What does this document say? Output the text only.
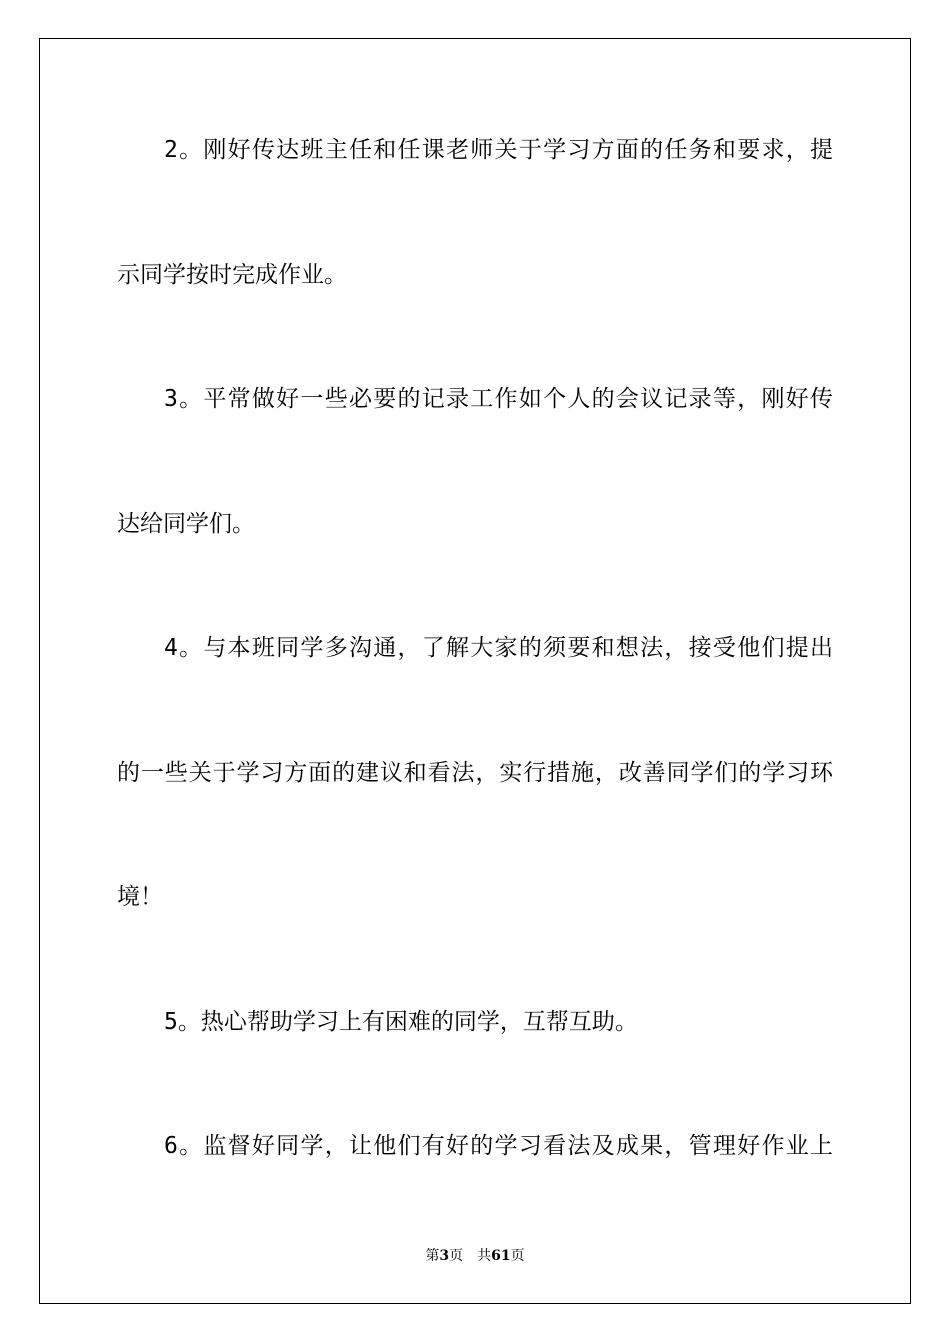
2。刚好传达班主任和任课老师关于学习方面的任务和要求，提
示同学按时完成作业。
3。平常做好一些必要的记录工作如个人的会议记录等，刚好传
达给同学们。
4。与本班同学多沟通，了解大家的须要和想法，接受他们提出
的一些关于学习方面的建议和看法，实行措施，改善同学们的学习环
境！
5。热心帮助学习上有困难的同学，互帮互助。
6。监督好同学，让他们有好的学习看法及成果，管理好作业上
第3页 共61页
